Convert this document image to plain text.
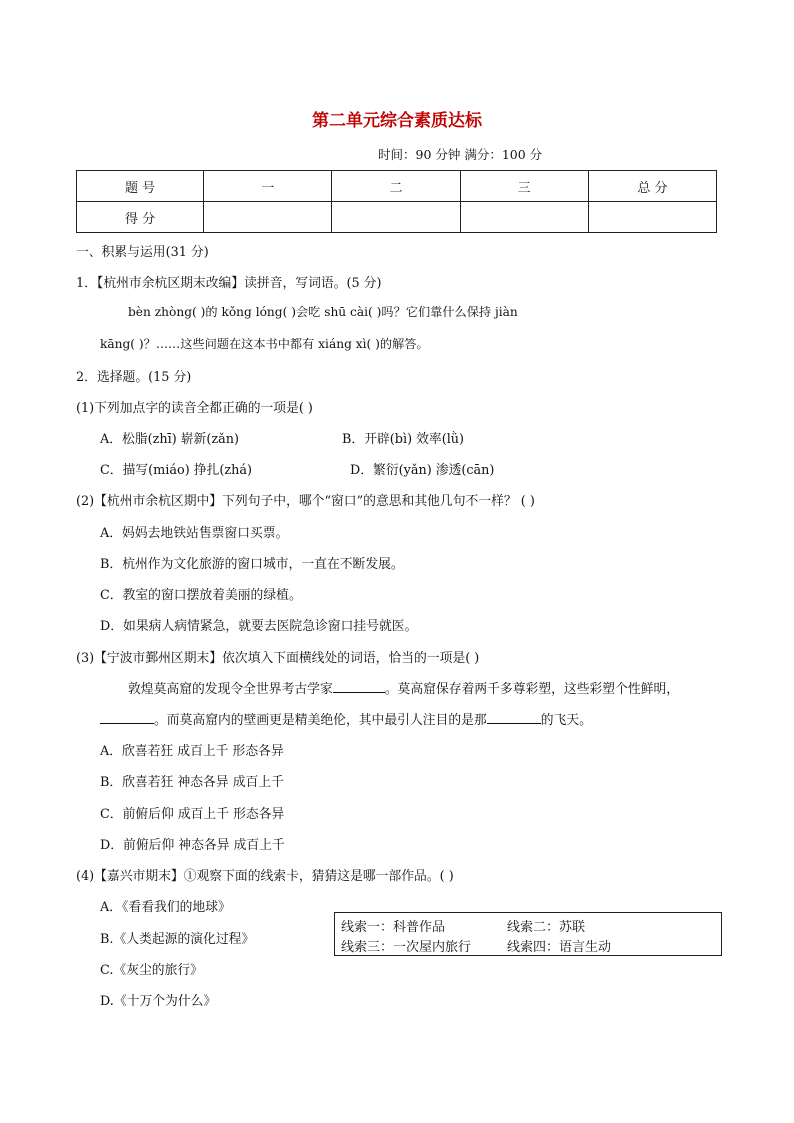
第二单元综合素质达标
时间：90 分钟 满分：100 分
题 号	一	二	三	总 分
得 分				
一、积累与运用(31 分)
1．【杭州市余杭区期末改编】读拼音，写词语。(5 分)
bèn zhòng( )的 kǒng lóng( )会吃 shū cài( )吗？它们靠什么保持 jiàn
kāng( )？……这些问题在这本书中都有 xiáng xì( )的解答。
2．选择题。(15 分)
(1)下列加点字的读音全都正确的一项是( )
A．松脂(zhī) 崭新(zǎn)	B．开辟(bì) 效率(lǜ)
C．描写(miáo) 挣扎(zhá)	D．繁衍(yǎn) 渗透(cān)
(2)【杭州市余杭区期中】下列句子中，哪个“窗口”的意思和其他几句不一样？ ( )
A．妈妈去地铁站售票窗口买票。
B．杭州作为文化旅游的窗口城市，一直在不断发展。
C．教室的窗口摆放着美丽的绿植。
D．如果病人病情紧急，就要去医院急诊窗口挂号就医。
(3)【宁波市鄞州区期末】依次填入下面横线处的词语，恰当的一项是( )
敦煌莫高窟的发现令全世界考古学家	。莫高窟保存着两千多尊彩塑，这些彩塑个性鲜明，
。而莫高窟内的壁画更是精美绝伦，其中最引人注目的是那	的飞天。
A．欣喜若狂 成百上千 形态各异
B．欣喜若狂 神态各异 成百上千
C．前俯后仰 成百上千 形态各异
D．前俯后仰 神态各异 成百上千
(4)【嘉兴市期末】①观察下面的线索卡，猜猜这是哪一部作品。( )
A．《看看我们的地球》
B.《人类起源的演化过程》
C.《灰尘的旅行》
D.《十万个为什么》
线索一：科普作品	线索二：苏联
线索三：一次屋内旅行	线索四：语言生动
